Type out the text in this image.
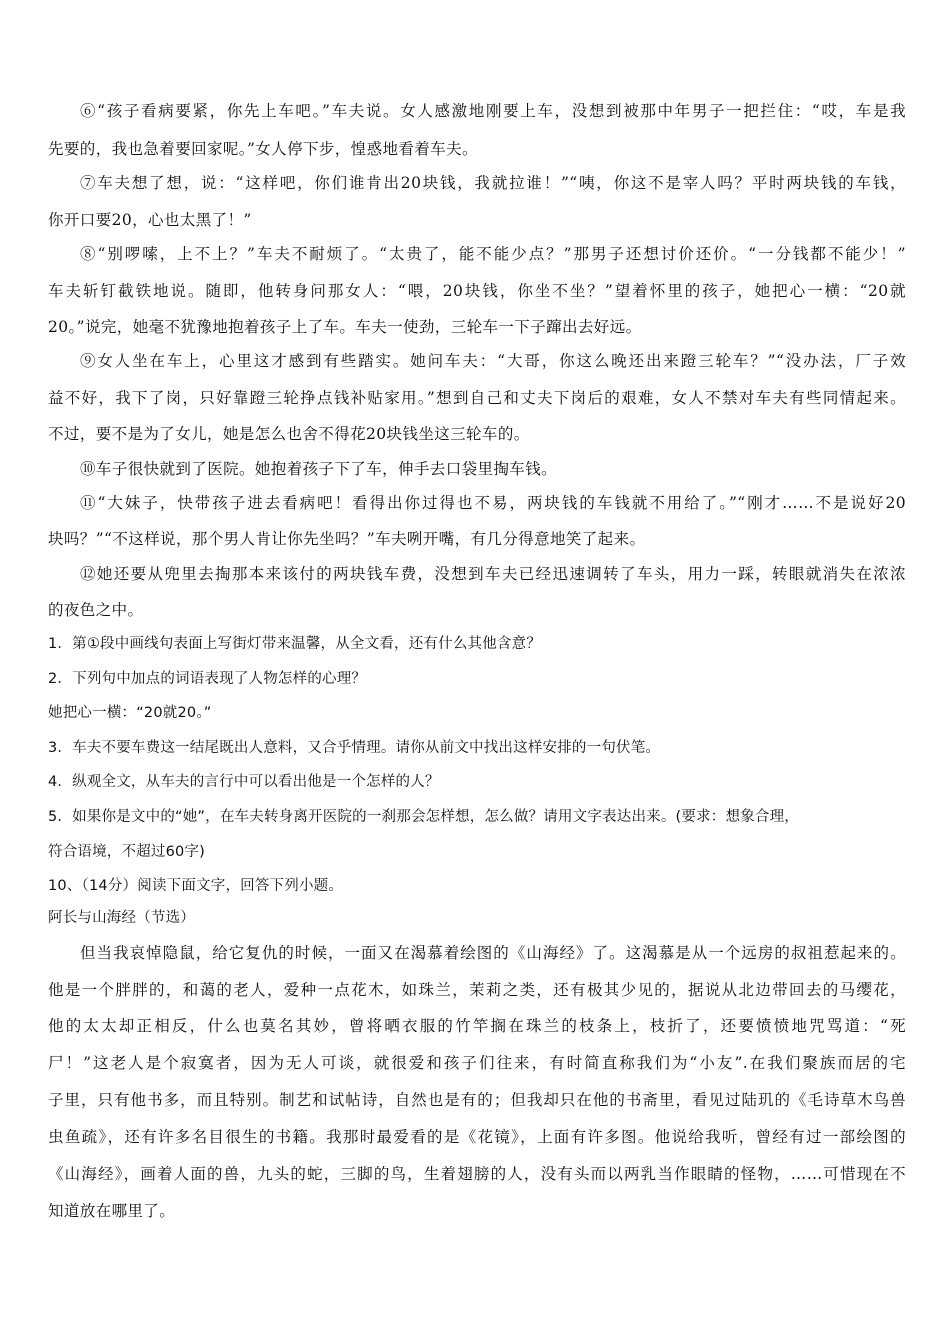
⑥“孩子看病要紧，你先上车吧。”车夫说。女人感激地刚要上车，没想到被那中年男子一把拦住：“哎，车是我
先要的，我也急着要回家呢。”女人停下步，惶惑地看着车夫。
⑦车夫想了想，说：“这样吧，你们谁肯出20块钱，我就拉谁！”“咦，你这不是宰人吗？平时两块钱的车钱，
你开口要20，心也太黑了！”
⑧“别啰嗦，上不上？”车夫不耐烦了。“太贵了，能不能少点？”那男子还想讨价还价。“一分钱都不能少！”
车夫斩钉截铁地说。随即，他转身问那女人：“喂，20块钱，你坐不坐？”望着怀里的孩子，她把心一横：“20就
20。”说完，她毫不犹豫地抱着孩子上了车。车夫一使劲，三轮车一下子蹿出去好远。
⑨女人坐在车上，心里这才感到有些踏实。她问车夫：“大哥，你这么晚还出来蹬三轮车？”“没办法，厂子效
益不好，我下了岗，只好靠蹬三轮挣点钱补贴家用。”想到自己和丈夫下岗后的艰难，女人不禁对车夫有些同情起来。
不过，要不是为了女儿，她是怎么也舍不得花20块钱坐这三轮车的。
⑩车子很快就到了医院。她抱着孩子下了车，伸手去口袋里掏车钱。
⑪“大妹子，快带孩子进去看病吧！看得出你过得也不易，两块钱的车钱就不用给了。”“刚才……不是说好20
块吗？”“不这样说，那个男人肯让你先坐吗？”车夫咧开嘴，有几分得意地笑了起来。
⑫她还要从兜里去掏那本来该付的两块钱车费，没想到车夫已经迅速调转了车头，用力一踩，转眼就消失在浓浓
的夜色之中。
1．第①段中画线句表面上写街灯带来温馨，从全文看，还有什么其他含意？
2．下列句中加点的词语表现了人物怎样的心理？
她把心一横：“20就20。”
3．车夫不要车费这一结尾既出人意料，又合乎情理。请你从前文中找出这样安排的一句伏笔。
4．纵观全文，从车夫的言行中可以看出他是一个怎样的人？
5．如果你是文中的“她”，在车夫转身离开医院的一刹那会怎样想，怎么做？请用文字表达出来。(要求：想象合理，
符合语境，不超过60字)
10、（14分）阅读下面文字，回答下列小题。
阿长与山海经（节选）
但当我哀悼隐鼠，给它复仇的时候，一面又在渴慕着绘图的《山海经》了。这渴慕是从一个远房的叔祖惹起来的。
他是一个胖胖的，和蔼的老人，爱种一点花木，如珠兰，茉莉之类，还有极其少见的，据说从北边带回去的马缨花，
他的太太却正相反，什么也莫名其妙，曾将晒衣服的竹竿搁在珠兰的枝条上，枝折了，还要愤愤地咒骂道：“死
尸！”这老人是个寂寞者，因为无人可谈，就很爱和孩子们往来，有时简直称我们为“小友”.在我们聚族而居的宅
子里，只有他书多，而且特别。制艺和试帖诗，自然也是有的；但我却只在他的书斋里，看见过陆玑的《毛诗草木鸟兽
虫鱼疏》，还有许多名目很生的书籍。我那时最爱看的是《花镜》，上面有许多图。他说给我听，曾经有过一部绘图的
《山海经》，画着人面的兽，九头的蛇，三脚的鸟，生着翅膀的人，没有头而以两乳当作眼睛的怪物，……可惜现在不
知道放在哪里了。
